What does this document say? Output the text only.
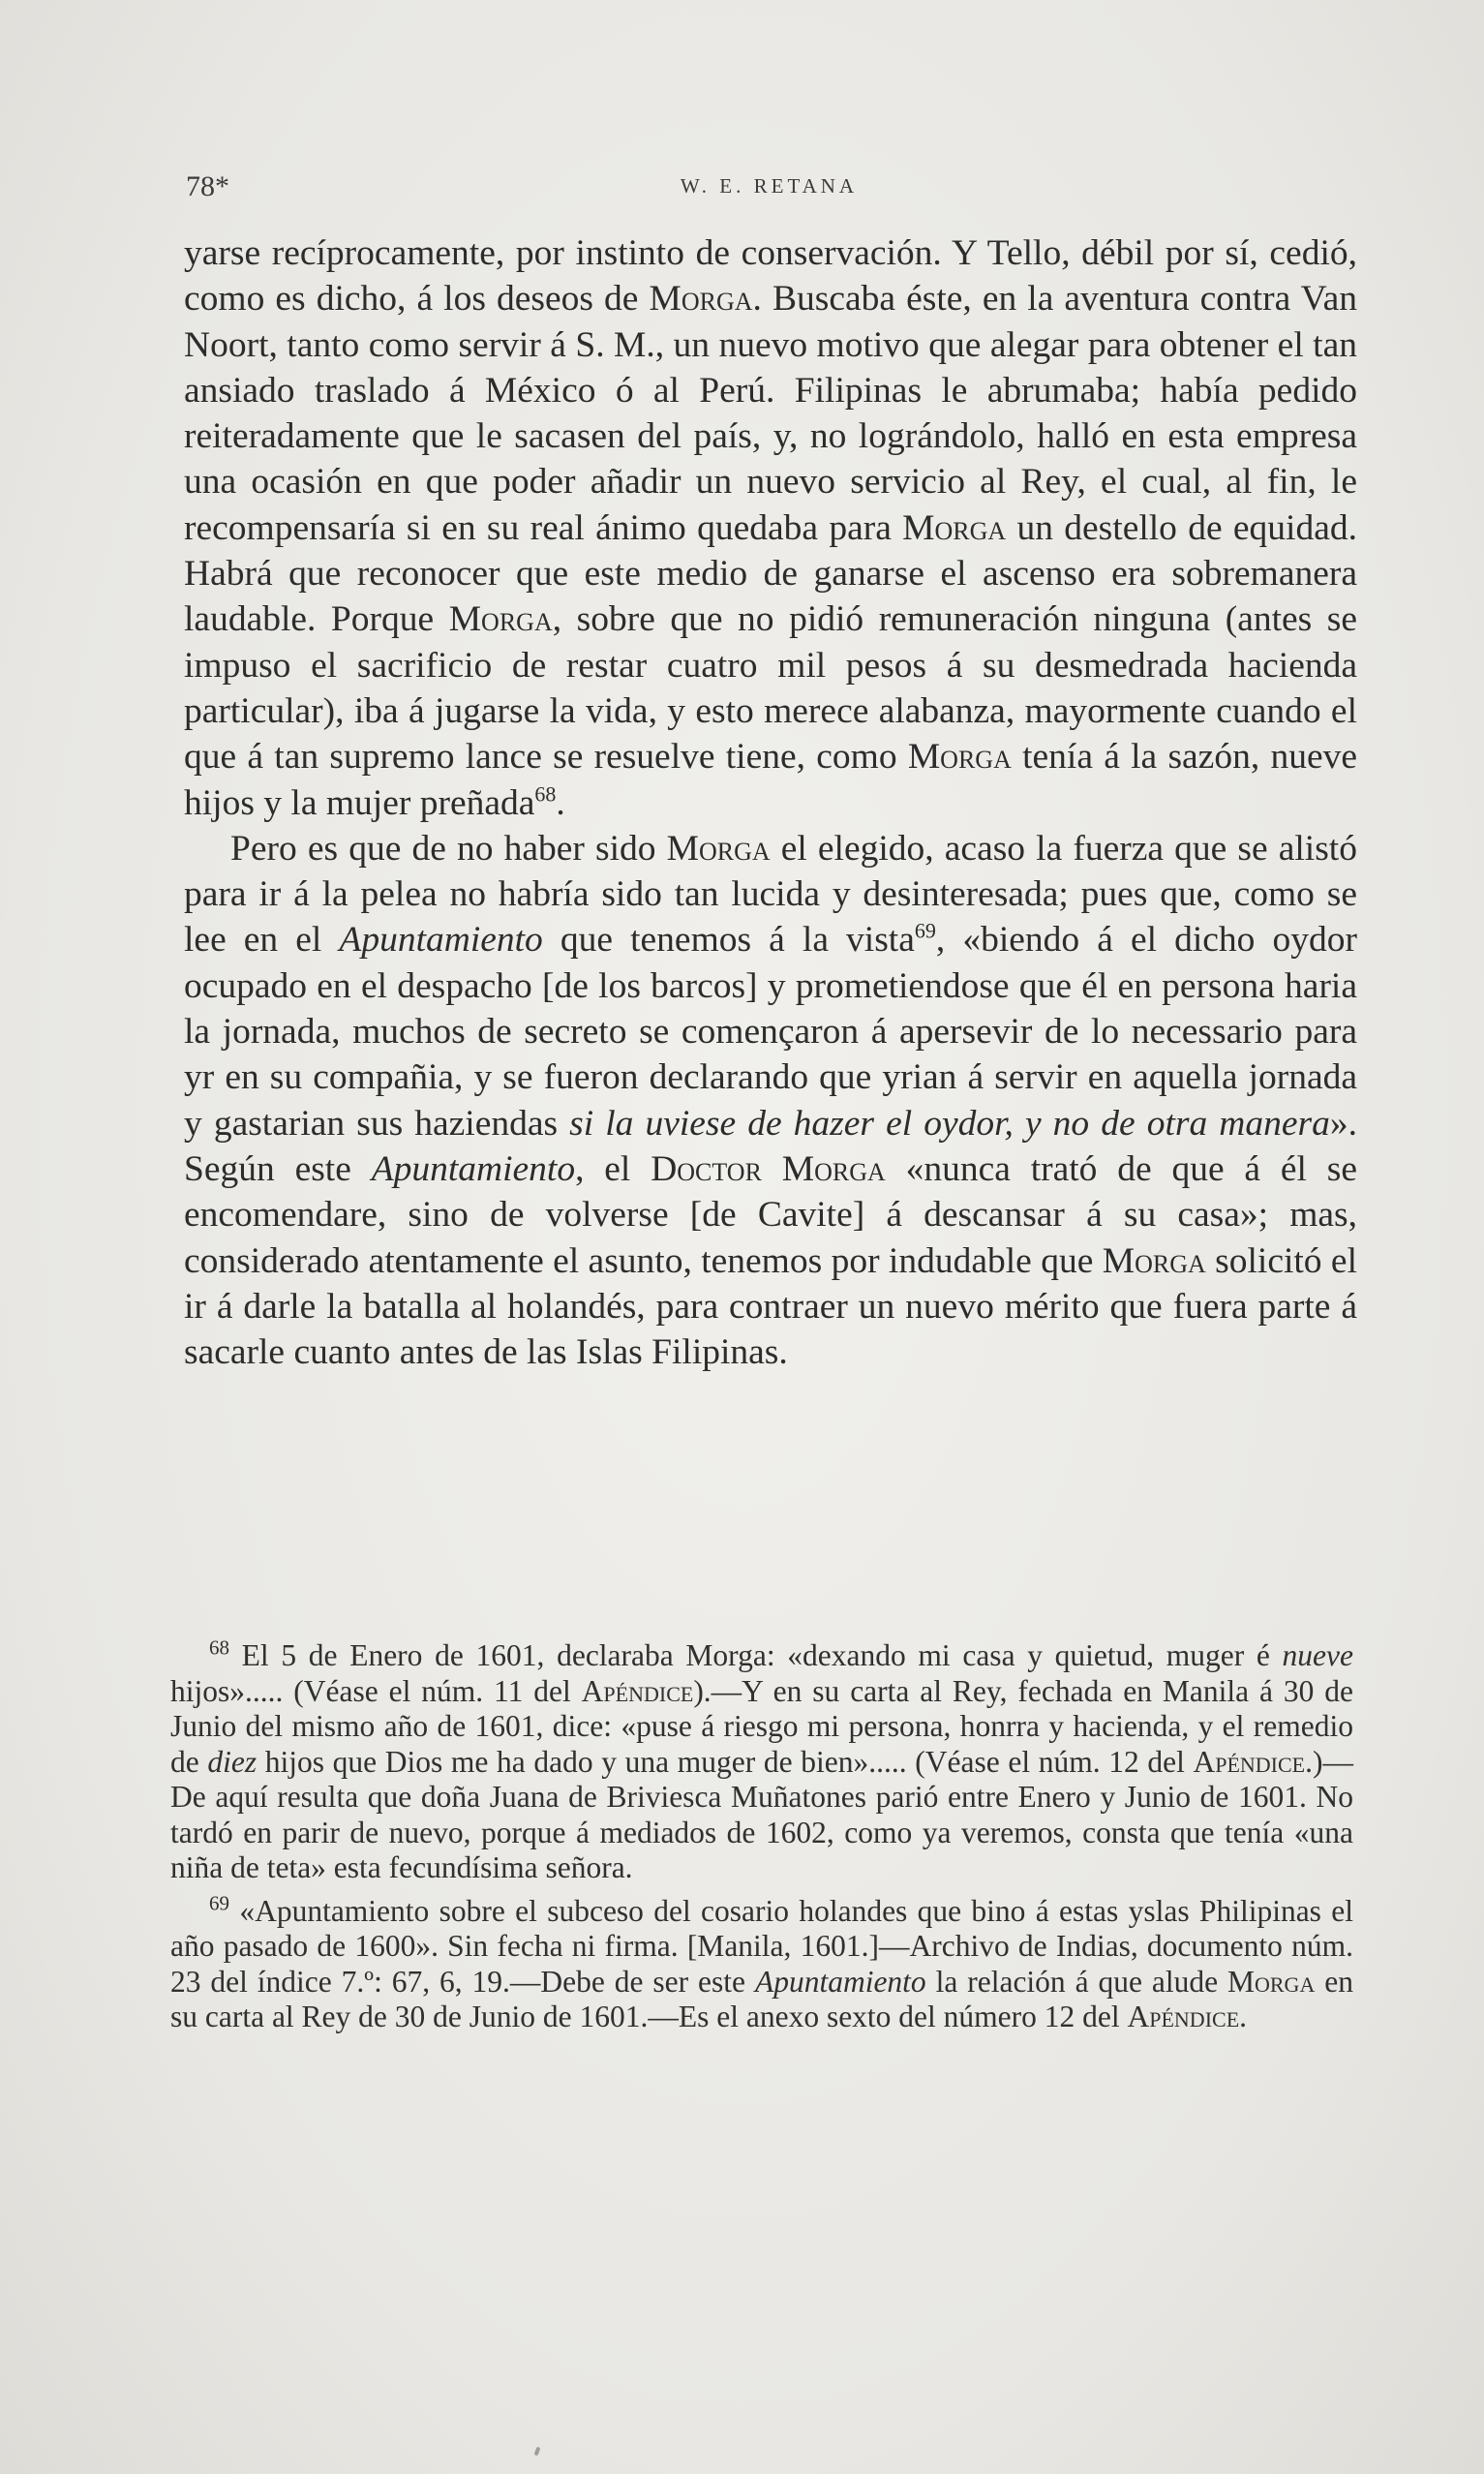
78*	W. E. RETANA

yarse recíprocamente, por instinto de conservación. Y Tello, débil por sí, cedió, como es dicho, á los deseos de Morga. Buscaba éste, en la aventura contra Van Noort, tanto como servir á S. M., un nuevo motivo que alegar para obtener el tan ansiado traslado á México ó al Perú. Filipinas le abrumaba; había pedido reiteradamente que le sacasen del país, y, no lográndolo, halló en esta empresa una ocasión en que poder añadir un nuevo servicio al Rey, el cual, al fin, le recompensaría si en su real ánimo quedaba para Morga un destello de equidad. Habrá que reconocer que este medio de ganarse el ascenso era sobremanera laudable. Porque Morga, sobre que no pidió remuneración ninguna (antes se impuso el sacrificio de restar cuatro mil pesos á su desmedrada hacienda particular), iba á jugarse la vida, y esto merece alabanza, mayormente cuando el que á tan supremo lance se resuelve tiene, como Morga tenía á la sazón, nueve hijos y la mujer preñada$^{68}$.

Pero es que de no haber sido Morga el elegido, acaso la fuerza que se alistó para ir á la pelea no habría sido tan lucida y desinteresada; pues que, como se lee en el Apuntamiento que tenemos á la vista$^{69}$, «biendo á el dicho oydor ocupado en el despacho [de los barcos] y prometiendose que él en persona haria la jornada, muchos de secreto se començaron á apersevir de lo necessario para yr en su compañia, y se fueron declarando que yrian á servir en aquella jornada y gastarian sus haziendas si la uviese de hazer el oydor, y no de otra manera». Según este Apuntamiento, el Doctor Morga «nunca trató de que á él se encomendare, sino de volverse [de Cavite] á descansar á su casa»; mas, considerado atentamente el asunto, tenemos por indudable que Morga solicitó el ir á darle la batalla al holandés, para contraer un nuevo mérito que fuera parte á sacarle cuanto antes de las Islas Filipinas.

$^{68}$ El 5 de Enero de 1601, declaraba Morga: «dexando mi casa y quietud, muger é nueve hijos»..... (Véase el núm. 11 del Apéndice).—Y en su carta al Rey, fechada en Manila á 30 de Junio del mismo año de 1601, dice: «puse á riesgo mi persona, honrra y hacienda, y el remedio de diez hijos que Dios me ha dado y una muger de bien»..... (Véase el núm. 12 del Apéndice.)—De aquí resulta que doña Juana de Briviesca Muñatones parió entre Enero y Junio de 1601. No tardó en parir de nuevo, porque á mediados de 1602, como ya veremos, consta que tenía «una niña de teta» esta fecundísima señora.

$^{69}$ «Apuntamiento sobre el subceso del cosario holandes que bino á estas yslas Philipinas el año pasado de 1600». Sin fecha ni firma. [Manila, 1601.]—Archivo de Indias, documento núm. 23 del índice 7.º: 67, 6, 19.—Debe de ser este Apuntamiento la relación á que alude Morga en su carta al Rey de 30 de Junio de 1601.—Es el anexo sexto del número 12 del Apéndice.
